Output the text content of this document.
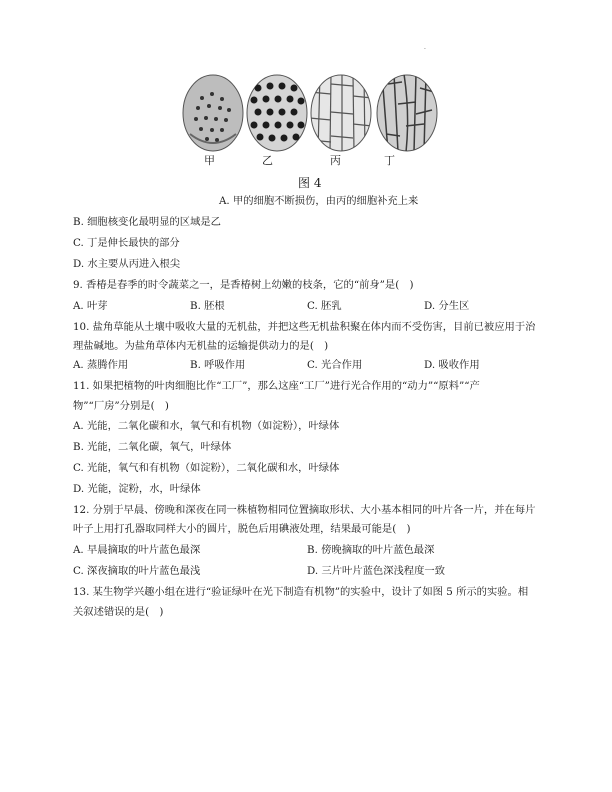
·
丁
甲	乙	丙
图 4
A. 甲的细胞不断损伤，由丙的细胞补充上来
B. 细胞核变化最明显的区域是乙
C. 丁是伸长最快的部分
D. 水主要从丙进入根尖
9. 香椿是春季的时令蔬菜之一，是香椿树上幼嫩的枝条，它的“前身”是(　)
A. 叶芽	B. 胚根	C. 胚乳	D. 分生区
10. 盐角草能从土壤中吸收大量的无机盐，并把这些无机盐积聚在体内而不受伤害，目前已被应用于治
理盐碱地。为盐角草体内无机盐的运输提供动力的是(　)
A. 蒸腾作用	B. 呼吸作用	C. 光合作用	D. 吸收作用
11. 如果把植物的叶肉细胞比作“工厂”，那么这座“工厂”进行光合作用的“动力”“原料”“产
物”“厂房”分别是(　)
A. 光能，二氧化碳和水，氧气和有机物（如淀粉），叶绿体
B. 光能，二氧化碳，氧气，叶绿体
C. 光能，氧气和有机物（如淀粉），二氧化碳和水，叶绿体
D. 光能，淀粉，水，叶绿体
12. 分别于早晨、傍晚和深夜在同一株植物相同位置摘取形状、大小基本相同的叶片各一片，并在每片
叶子上用打孔器取同样大小的圆片，脱色后用碘液处理，结果最可能是(　)
A. 早晨摘取的叶片蓝色最深	B. 傍晚摘取的叶片蓝色最深
C. 深夜摘取的叶片蓝色最浅	D. 三片叶片蓝色深浅程度一致
13. 某生物学兴趣小组在进行“验证绿叶在光下制造有机物”的实验中，设计了如图 5 所示的实验。相
关叙述错误的是(　)
